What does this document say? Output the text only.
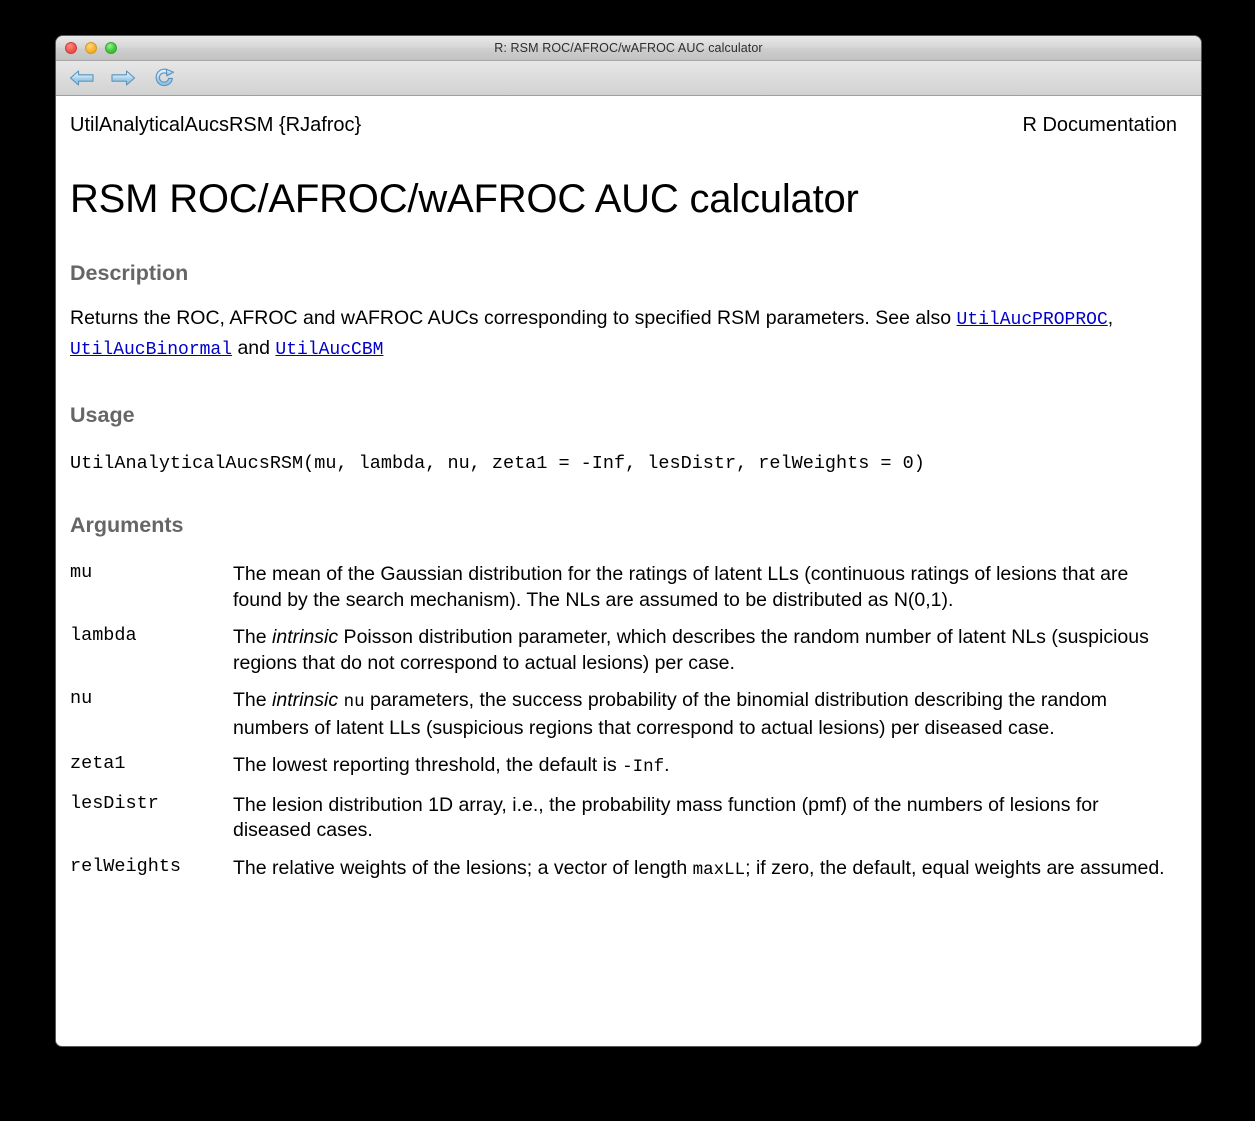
R: RSM ROC/AFROC/wAFROC AUC calculator
UtilAnalyticalAucsRSM {RJafroc}	R Documentation
RSM ROC/AFROC/wAFROC AUC calculator
Description

Returns the ROC, AFROC and wAFROC AUCs corresponding to specified RSM parameters. See also UtilAucPROPROC, UtilAucBinormal and UtilAucCBM

Usage
UtilAnalyticalAucsRSM(mu, lambda, nu, zeta1 = -Inf, lesDistr, relWeights = 0)
Arguments
mu	The mean of the Gaussian distribution for the ratings of latent LLs (continuous ratings of lesions that are found by the search mechanism). The NLs are assumed to be distributed as N(0,1).
lambda	The intrinsic Poisson distribution parameter, which describes the random number of latent NLs (suspicious regions that do not correspond to actual lesions) per case.
nu	The intrinsic nu parameters, the success probability of the binomial distribution describing the random numbers of latent LLs (suspicious regions that correspond to actual lesions) per diseased case.
zeta1	The lowest reporting threshold, the default is -Inf.
lesDistr	The lesion distribution 1D array, i.e., the probability mass function (pmf) of the numbers of lesions for diseased cases.
relWeights	The relative weights of the lesions; a vector of length maxLL; if zero, the default, equal weights are assumed.
